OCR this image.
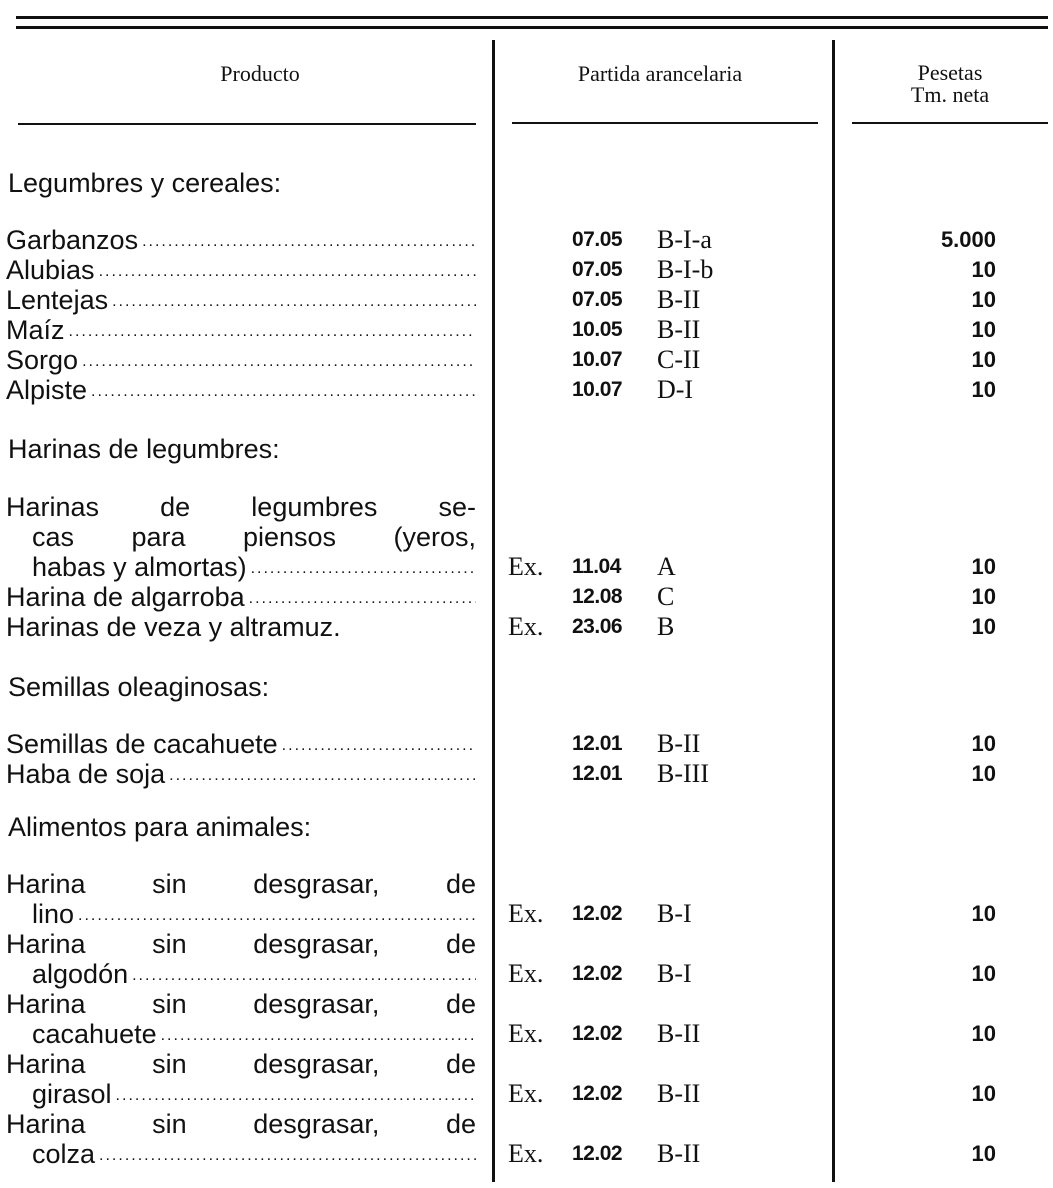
Producto	Partida arancelaria	Pesetas
Tm. neta
Legumbres y cereales:
Garbanzos .....	07.05 B-I-a	5.000
Alubias .....	07.05 B-I-b	10
Lentejas .....	07.05 B-II	10
Maíz .....	10.05 B-II	10
Sorgo .....	10.07 C-II	10
Alpiste .....	10.07 D-I	10
Harinas de legumbres:
Harinas de legumbres se-
cas para piensos (yeros,
habas y almortas) .....	Ex. 11.04 A	10
Harina de algarroba .....	12.08 C	10
Harinas de veza y altramuz.	Ex. 23.06 B	10
Semillas oleaginosas:
Semillas de cacahuete .....	12.01 B-II	10
Haba de soja .....	12.01 B-III	10
Alimentos para animales:
Harina sin desgrasar, de
lino .....	Ex. 12.02 B-I	10
Harina sin desgrasar, de
algodón .....	Ex. 12.02 B-I	10
Harina sin desgrasar, de
cacahuete .....	Ex. 12.02 B-II	10
Harina sin desgrasar, de
girasol .....	Ex. 12.02 B-II	10
Harina sin desgrasar, de
colza .....	Ex. 12.02 B-II	10
